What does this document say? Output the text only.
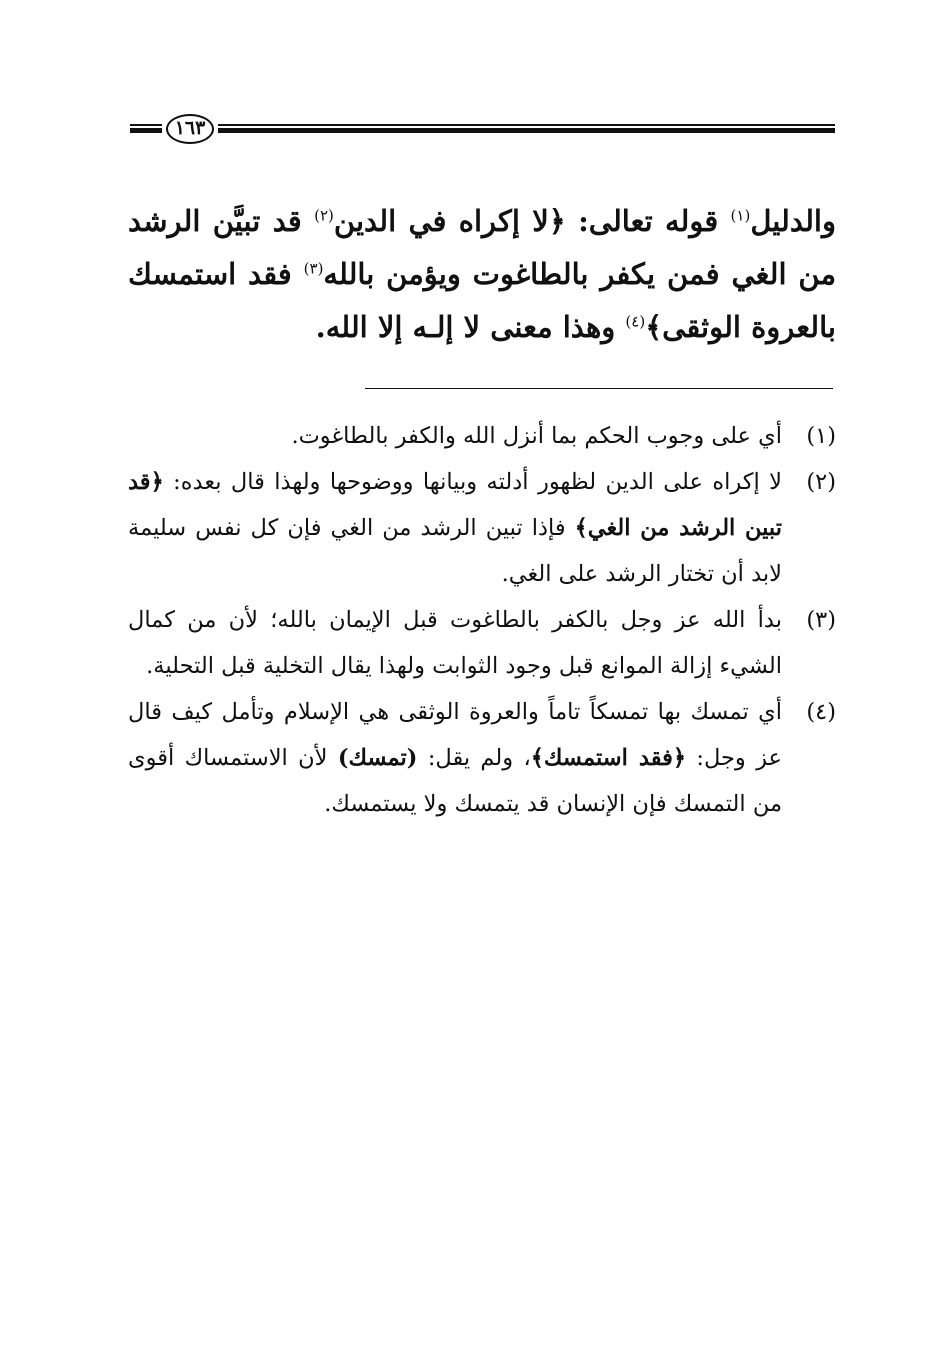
١٦٣
والدليل$^{(١)}$ قوله تعالى: ﴿لا إكراه في الدين$^{(٢)}$ قد تبيَّن الرشد من الغي فمن يكفر بالطاغوت ويؤمن بالله$^{(٣)}$ فقد استمسك بالعروة الوثقى﴾$^{(٤)}$ وهذا معنى لا إلـه إلا الله.
(١)
أي على وجوب الحكم بما أنزل الله والكفر بالطاغوت.
(٢)
لا إكراه على الدين لظهور أدلته وبيانها ووضوحها ولهذا قال بعده: ﴿قد تبين الرشد من الغي﴾ فإذا تبين الرشد من الغي فإن كل نفس سليمة لابد أن تختار الرشد على الغي.
(٣)
بدأ الله عز وجل بالكفر بالطاغوت قبل الإيمان بالله؛ لأن من كمال الشيء إزالة الموانع قبل وجود الثوابت ولهذا يقال التخلية قبل التحلية.
(٤)
أي تمسك بها تمسكاً تاماً والعروة الوثقى هي الإسلام وتأمل كيف قال عز وجل: ﴿فقد استمسك﴾، ولم يقل: (تمسك) لأن الاستمساك أقوى من التمسك فإن الإنسان قد يتمسك ولا يستمسك.
